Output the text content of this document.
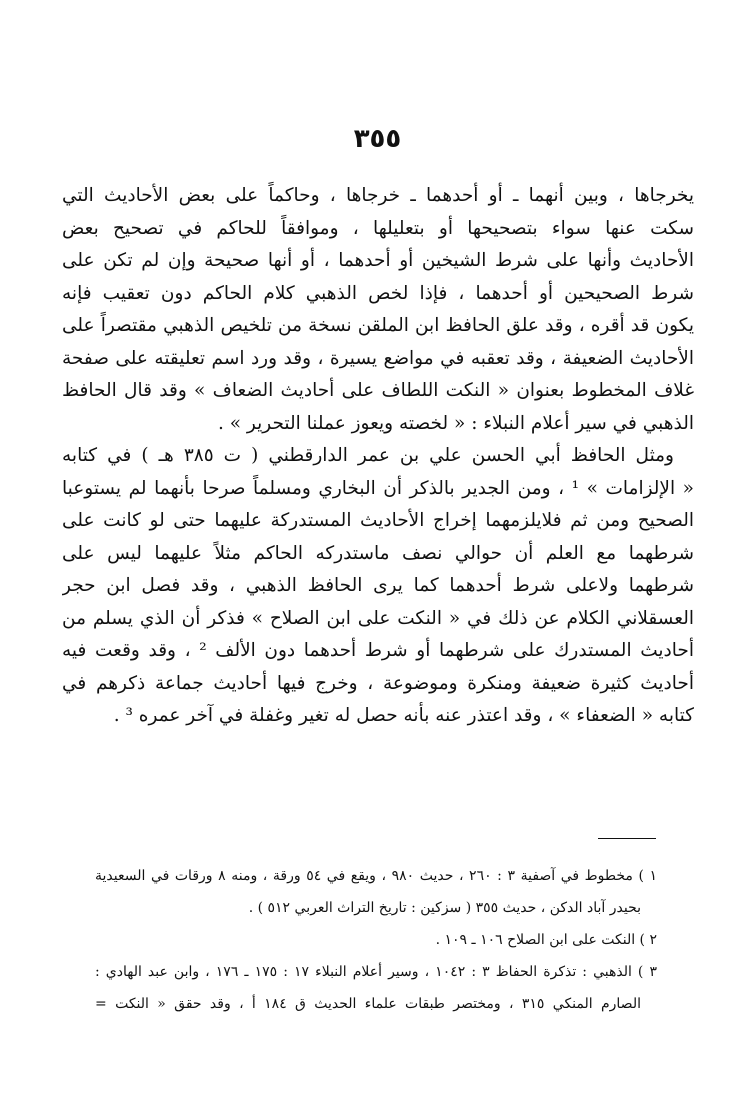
٣٥٥
يخرجاها ، وبين أنهما ـ أو أحدهما ـ خرجاها ، وحاكماً على بعض الأحاديث التي
سكت عنها سواء بتصحيحها أو بتعليلها ، وموافقاً للحاكم في تصحيح بعض
الأحاديث وأنها على شرط الشيخين أو أحدهما ، أو أنها صحيحة وإن لم تكن على
شرط الصحيحين أو أحدهما ، فإذا لخص الذهبي كلام الحاكم دون تعقيب فإنه
يكون قد أقره ، وقد علق الحافظ ابن الملقن نسخة من تلخيص الذهبي مقتصراً على
الأحاديث الضعيفة ، وقد تعقبه في مواضع يسيرة ، وقد ورد اسم تعليقته على صفحة
غلاف المخطوط بعنوان « النكت اللطاف على أحاديث الضعاف » وقد قال الحافظ
الذهبي في سير أعلام النبلاء : « لخصته ويعوز عملنا التحرير » .
ومثل الحافظ أبي الحسن علي بن عمر الدارقطني ( ت ٣٨٥ هـ ) في كتابه
« الإلزامات » ¹ ، ومن الجدير بالذكر أن البخاري ومسلماً صرحا بأنهما لم يستوعبا
الصحيح ومن ثم فلايلزمهما إخراج الأحاديث المستدركة عليهما حتى لو كانت على
شرطهما مع العلم أن حوالي نصف ماستدركه الحاكم مثلاً عليهما ليس على
شرطهما ولاعلى شرط أحدهما كما يرى الحافظ الذهبي ، وقد فصل ابن حجر
العسقلاني الكلام عن ذلك في « النكت على ابن الصلاح » فذكر أن الذي يسلم من
أحاديث المستدرك على شرطهما أو شرط أحدهما دون الألف ² ، وقد وقعت فيه
أحاديث كثيرة ضعيفة ومنكرة وموضوعة ، وخرج فيها أحاديث جماعة ذكرهم في
كتابه « الضعفاء » ، وقد اعتذر عنه بأنه حصل له تغير وغفلة في آخر عمره ³ .
١ ) مخطوط في آصفية ٣ : ٢٦٠ ، حديث ٩٨٠ ، ويقع في ٥٤ ورقة ، ومنه ٨ ورقات في السعيدية
بحيدر آباد الدكن ، حديث ٣٥٥ ( سزكين : تاريخ التراث العربي ٥١٢ ) .
٢ ) النكت على ابن الصلاح ١٠٦ ـ ١٠٩ .
٣ ) الذهبي : تذكرة الحفاظ ٣ : ١٠٤٢ ، وسير أعلام النبلاء ١٧ : ١٧٥ ـ ١٧٦ ، وابن عبد الهادي :
الصارم المنكي ٣١٥ ، ومختصر طبقات علماء الحديث ق ١٨٤ أ ، وقد حقق « النكت =
